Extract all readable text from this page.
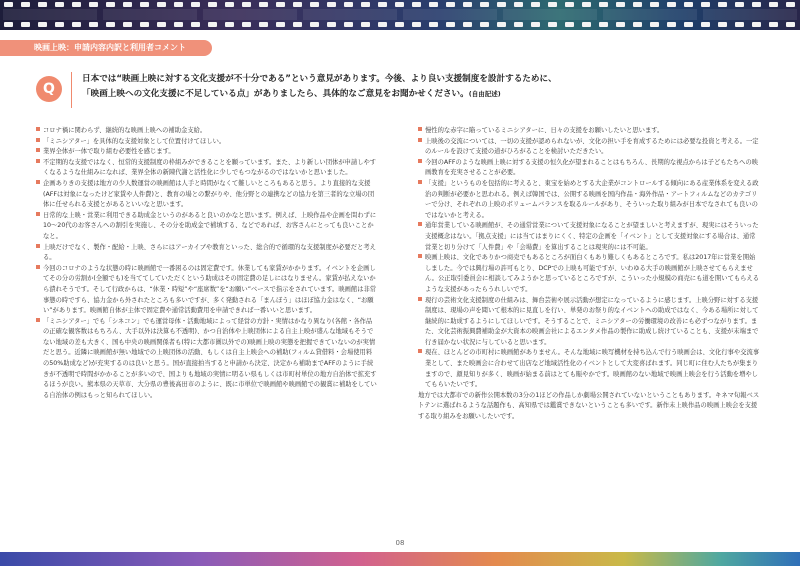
映画上映：申請内容内訳と利用者コメント
Q
日本では“映画上映に対する文化支援が不十分である”という意見があります。今後、より良い支援制度を設計するために、
「映画上映への文化支援に不足している点」がありましたら、具体的なご意見をお聞かせください。(自由記述)

コロナ禍に関わらず、継続的な映画上映への補助金支給。

「ミニシアター」を具体的な支援対象として位置付けてほしい。

業界全体が一体で取り組む必要性を感じます。

不定期的な支援ではなく、恒常的支援制度の枠組みができることを願っています。また、より新しい団体が申請しやすくなるような仕組みになれば、業界全体の新陳代謝と活性化に少しでもつながるのではないかと思いました。

企画ありきの支援は地方の少人数運営の映画館は人手と時間がなくて難しいところもあると思う。より直接的な支援(AFFは対象になったけど家賃や人件費)と、教育の場との繋がりや、他分野との連携などの協力を第三者的な立場の団体に任せられる支援とがあるといいなと思います。

日常的な上映・営業に利用できる助成金というのがあると良いのかなと思います。例えば、上映作品や企画を問わずに10〜20代のお客さんへの割引を実施し、その分を助成金で補填する、などであれば、お客さんにとっても良いことかなと。

上映だけでなく、製作・配給・上映、さらにはアーカイブや教育といった、総合的で循環的な支援制度が必要だと考える。

今回のコロナのような状態の時に映画館で一番困るのは固定費です。休業しても家賃がかかります。イベントを企画してその分の労割か(全額でも)を当ててしていただくという助成はその固定費の足しにはなりません。家賃が払えないから潰れそうです。そして行政からは、“休業・時短”や“座席数”を“お願い”ベースで指示をされています。映画館は非常事態の時ですら、協力金から外されたところも多いですが、多く発動される「まんぼう」はほぼ協力金はなく、“お願い”があります。映画館自体が主体で固定費や通常活動費用を申請できれば一番いいと思います。

「ミニシアター」でも「シネコン」でも運営母体・活動地域によって経営の方針・実情はかなり異なり(各館・各作品の正確な観客数はもちろん、大手以外は決算も不透明)、かつ自治体や上映団体による自主上映が盛んな地域もそうでない地域の差も大きく、国も中央の映画関係者も(特に大都市圏以外での)映画上映の実態を把握できていないのが実情だと思う。近隣に映画館が無い地域での上映団体の活動、もしくは自主上映会への補助(フィルム貸借料・会場使用料の50%助成など)が充実するのは良いと思う。国が直接拍当すると申請から決定、決定から補助までAFFのように手続きが不透明で時間がかかることが多いので、国よりも地域の実情に明るい県もしくは市町村単位の地方自治体で拡充するほうが良い。熊本県の天草市、大分県の豊後高田市のように、既に市単位で映画館や映画館での観賞に補助をしている自治体の例はもっと知られてほしい。

慢性的な赤字に陥っているミニシアターに、日々の支援をお願いしたいと思います。

上映後の交流については、一切の支援が認められないが、文化の担い手を育成するためには必要な投資と考える。一定のルールを設けて支援の道がひろがることを検討いただきたい。

今回のAFFのような映画上映に対する支援の恒久化が望まれることはもちろん、長期的な視点からは子どもたちへの映画教育を充実させることが必要。

「支援」というものを包括的に考えると、東宝を始めとする大企業がコントロールする傾向にある産業体系を変える政治の判断が必要かと思われる。例えば韓国では、公開する映画を国内作品・海外作品・アートフィルムなどのカテゴリーで分け、それぞれの上映のボリュームバランスを取るルールがあり、そういった取り組みが日本でなされても良いのではないかと考える。

通年営業している映画館が、その通常営業について支援対象になることが望ましいと考えますが、現実にはそういった支援概念はない。「拠点支援」には当てはまりにくく、特定の企画を「イベント」として支援対象にする場合は、通常営業と切り分けて「人件費」や「会場費」を算出することは現実的には不可能。

映画上映は、文化でありかつ商売でもあるところが面白くもあり難しくもあるところです。私は2017年に営業を開始しました。今では興行場の許可もとり、DCPでの上映も可能ですが、いわゆる大手の映画館が上映させてもらえません。公正取引委員会に相談してみようかと思っているところですが、こういった小規模の商売にも道を開いてもらえるような支援があったらうれしいです。

現行の芸術文化支援制度の仕組みは、舞台芸術や展示活動が想定になっているように感じます。上映分野に対する支援制度は、現場の声を聞いて根本的に見直しを行い、単発のお祭り的なイベントへの助成ではなく、今ある場所に対して継続的に助成するようにしてほしいです。そうすることで、ミニシアターの労働環境の改善にも必ずつながります。また、文化芸術振興費補助金が大資本の映画会社によるエンタメ作品の製作に助成し続けていることも、支援が末端まで行き届かない状況に与していると思います。

現在、ほとんどの市町村に映画館がありません。そんな地域に映写機材を持ち込んで行う映画会は、文化行事や交流事業として、また映画会に合わせて出店など地域活性化のイベントとして大変喜ばれます。同じ町に住む人たちが集まりますので、顔見知りが多く、映画が始まる前はとても賑やかです。映画館のない地域で映画上映会を行う活動を増やしてもらいたいです。

地方では大都市での新作公開本数の3分の1ほどの作品しか劇場公開されていないということもあります。キネマ旬報ベストテンに選ばれるような話題作も、高知県では鑑賞できないということも多いです。新作未上映作品の映画上映会を支援する取り組みをお願いしたいです。

08
